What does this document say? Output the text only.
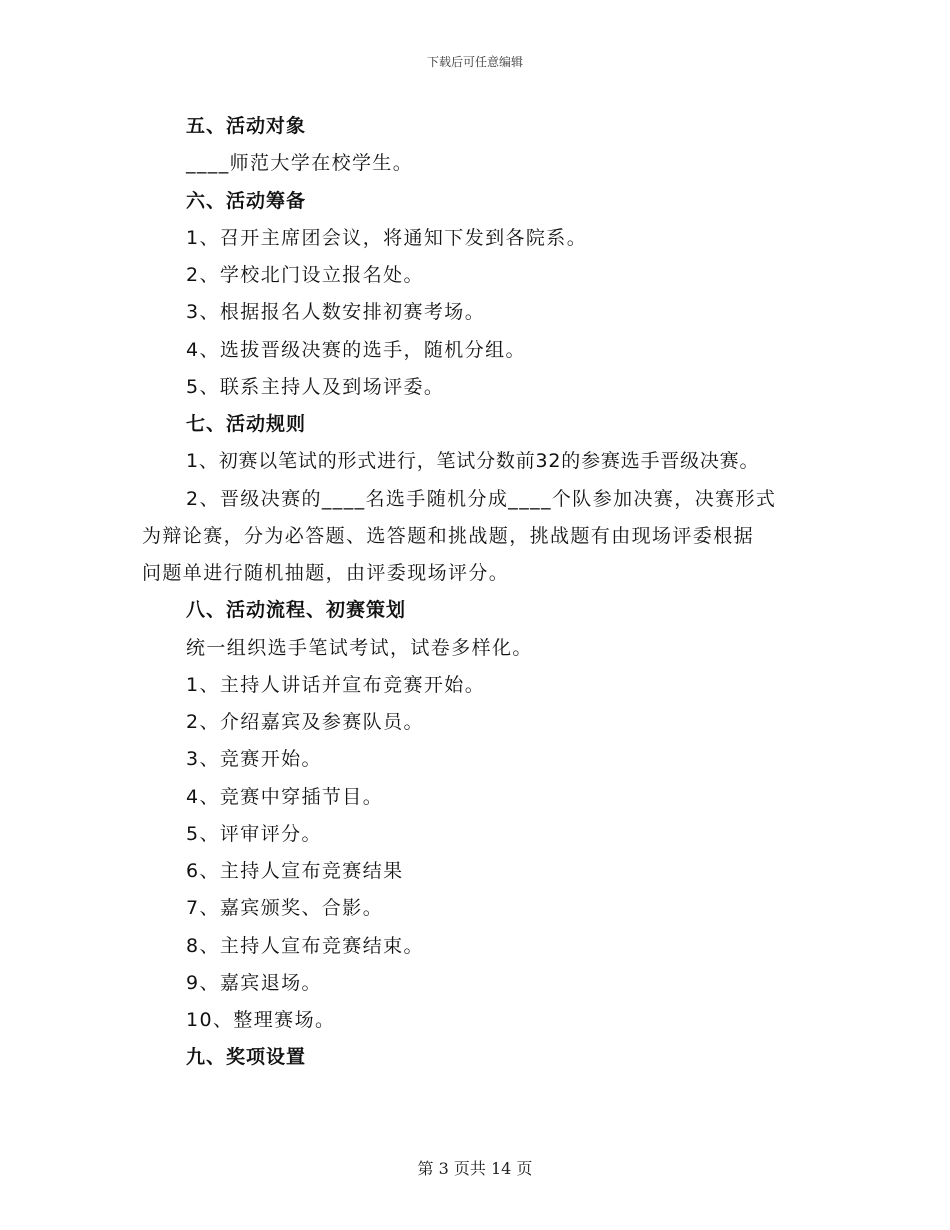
下载后可任意编辑
五、活动对象
____师范大学在校学生。
六、活动筹备
1、召开主席团会议，将通知下发到各院系。
2、学校北门设立报名处。
3、根据报名人数安排初赛考场。
4、选拔晋级决赛的选手，随机分组。
5、联系主持人及到场评委。
七、活动规则
1、初赛以笔试的形式进行，笔试分数前32的参赛选手晋级决赛。
2、晋级决赛的____名选手随机分成____个队参加决赛，决赛形式
为辩论赛，分为必答题、选答题和挑战题，挑战题有由现场评委根据
问题单进行随机抽题，由评委现场评分。
八、活动流程、初赛策划
统一组织选手笔试考试，试卷多样化。
1、主持人讲话并宣布竞赛开始。
2、介绍嘉宾及参赛队员。
3、竞赛开始。
4、竞赛中穿插节目。
5、评审评分。
6、主持人宣布竞赛结果
7、嘉宾颁奖、合影。
8、主持人宣布竞赛结束。
9、嘉宾退场。
10、整理赛场。
九、奖项设置
第 3 页共 14 页
